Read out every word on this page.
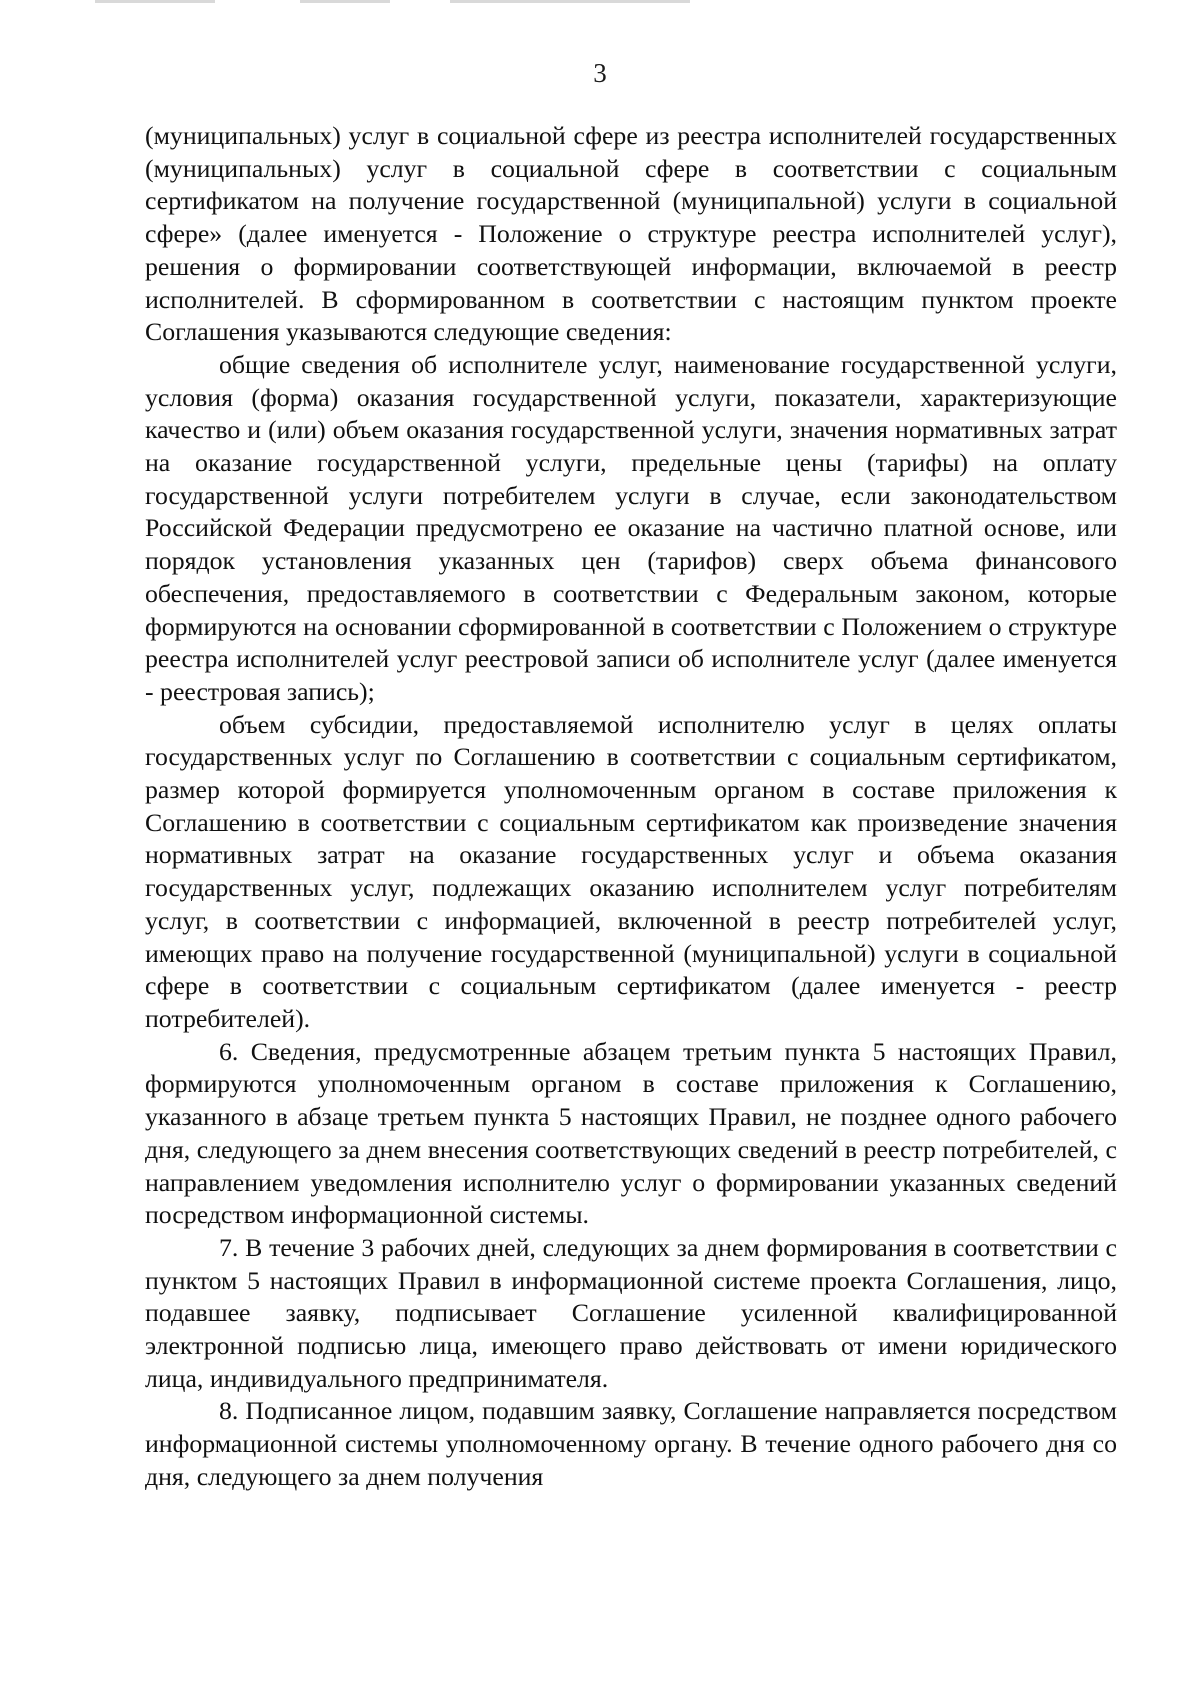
3

(муниципальных) услуг в социальной сфере из реестра исполнителей государственных (муниципальных) услуг в социальной сфере в соответствии с социальным сертификатом на получение государственной (муниципальной) услуги в социальной сфере» (далее именуется - Положение о структуре реестра исполнителей услуг), решения о формировании соответствующей информации, включаемой в реестр исполнителей. В сформированном в соответствии с настоящим пунктом проекте Соглашения указываются следующие сведения:

общие сведения об исполнителе услуг, наименование государственной услуги, условия (форма) оказания государственной услуги, показатели, характеризующие качество и (или) объем оказания государственной услуги, значения нормативных затрат на оказание государственной услуги, предельные цены (тарифы) на оплату государственной услуги потребителем услуги в случае, если законодательством Российской Федерации предусмотрено ее оказание на частично платной основе, или порядок установления указанных цен (тарифов) сверх объема финансового обеспечения, предоставляемого в соответствии с Федеральным законом, которые формируются на основании сформированной в соответствии с Положением о структуре реестра исполнителей услуг реестровой записи об исполнителе услуг (далее именуется - реестровая запись);

объем субсидии, предоставляемой исполнителю услуг в целях оплаты государственных услуг по Соглашению в соответствии с социальным сертификатом, размер которой формируется уполномоченным органом в составе приложения к Соглашению в соответствии с социальным сертификатом как произведение значения нормативных затрат на оказание государственных услуг и объема оказания государственных услуг, подлежащих оказанию исполнителем услуг потребителям услуг, в соответствии с информацией, включенной в реестр потребителей услуг, имеющих право на получение государственной (муниципальной) услуги в социальной сфере в соответствии с социальным сертификатом (далее именуется - реестр потребителей).

6. Сведения, предусмотренные абзацем третьим пункта 5 настоящих Правил, формируются уполномоченным органом в составе приложения к Соглашению, указанного в абзаце третьем пункта 5 настоящих Правил, не позднее одного рабочего дня, следующего за днем внесения соответствующих сведений в реестр потребителей, с направлением уведомления исполнителю услуг о формировании указанных сведений посредством информационной системы.

7. В течение 3 рабочих дней, следующих за днем формирования в соответствии с пунктом 5 настоящих Правил в информационной системе проекта Соглашения, лицо, подавшее заявку, подписывает Соглашение усиленной квалифицированной электронной подписью лица, имеющего право действовать от имени юридического лица, индивидуального предпринимателя.

8. Подписанное лицом, подавшим заявку, Соглашение направляется посредством информационной системы уполномоченному органу. В течение одного рабочего дня со дня, следующего за днем получения
